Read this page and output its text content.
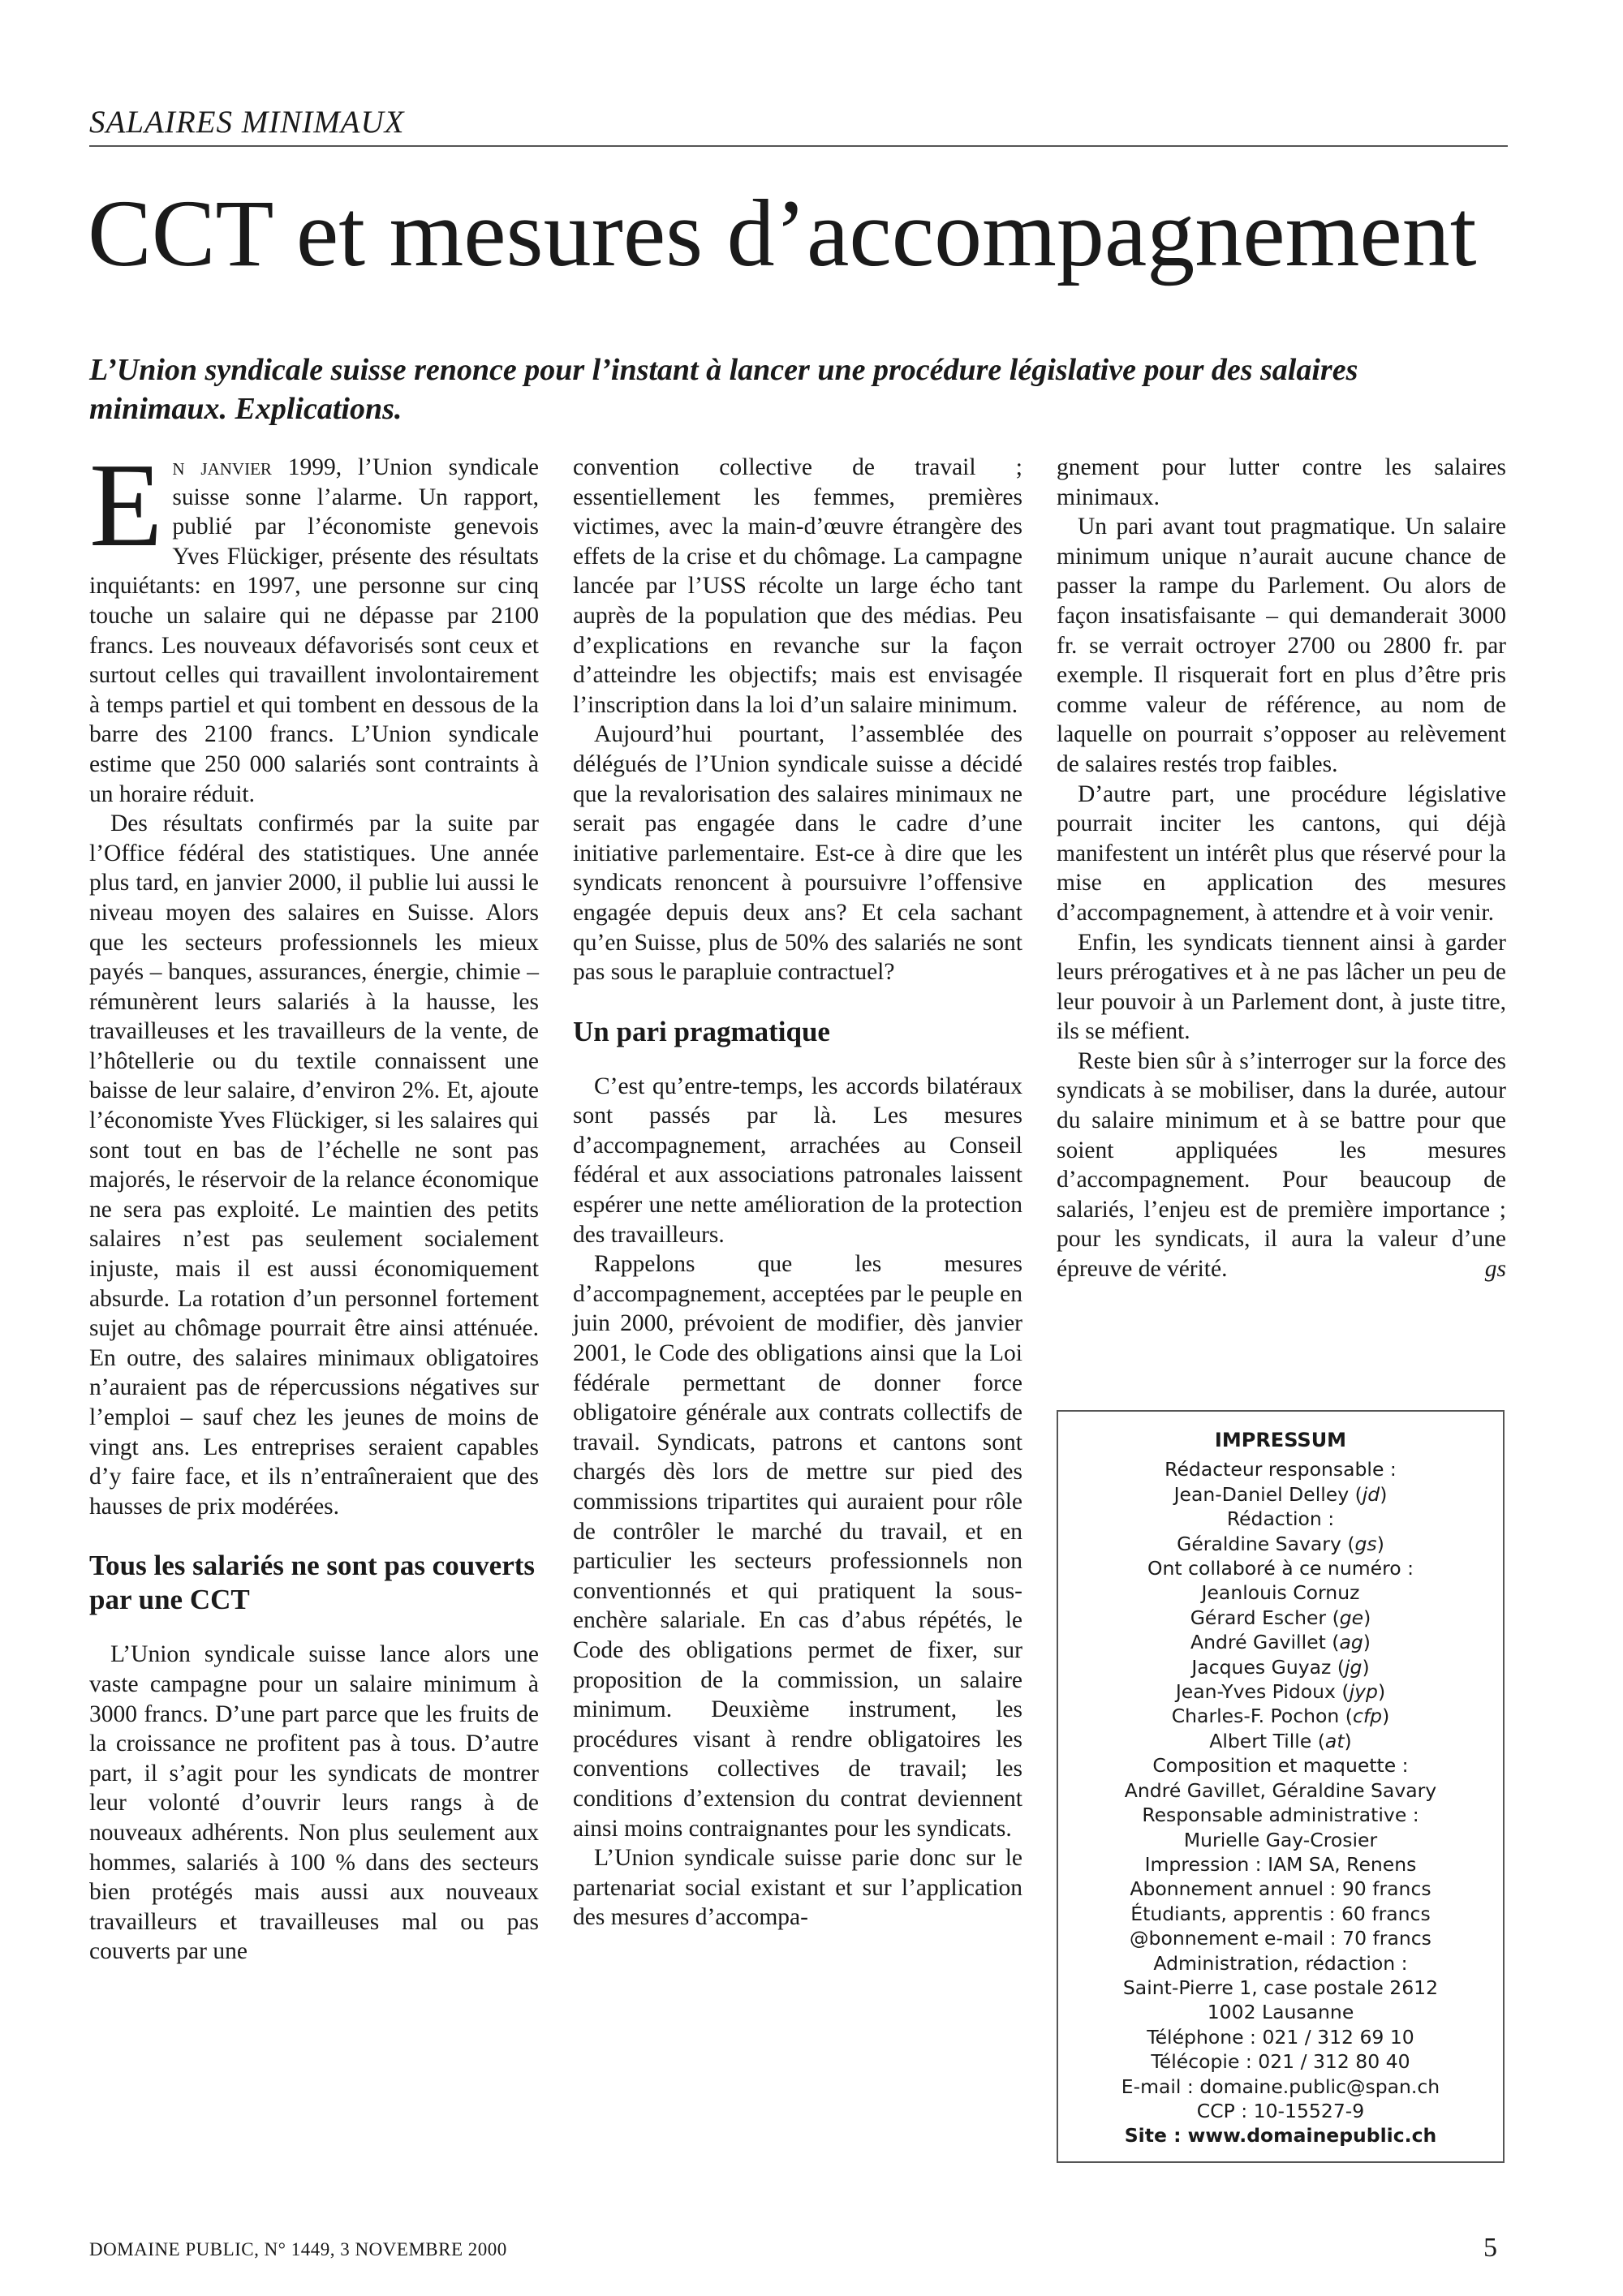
SALAIRES MINIMAUX
CCT et mesures d’accompagnement
L’Union syndicale suisse renonce pour l’instant à lancer une procédure législative pour des salaires minimaux. Explications.

En janvier 1999, l’Union syndicale suisse sonne l’alarme. Un rapport, publié par l’économiste genevois Yves Flückiger, présente des résultats inquiétants: en 1997, une personne sur cinq touche un salaire qui ne dépasse par 2100 francs. Les nouveaux défavorisés sont ceux et surtout celles qui travaillent involontairement à temps partiel et qui tombent en dessous de la barre des 2100 francs. L’Union syndicale estime que 250 000 salariés sont contraints à un horaire réduit.

Des résultats confirmés par la suite par l’Office fédéral des statistiques. Une année plus tard, en janvier 2000, il publie lui aussi le niveau moyen des salaires en Suisse. Alors que les secteurs professionnels les mieux payés – banques, assurances, énergie, chimie – rémunèrent leurs salariés à la hausse, les travailleuses et les travailleurs de la vente, de l’hôtellerie ou du textile connaissent une baisse de leur salaire, d’environ 2%. Et, ajoute l’économiste Yves Flückiger, si les salaires qui sont tout en bas de l’échelle ne sont pas majorés, le réservoir de la relance économique ne sera pas exploité. Le maintien des petits salaires n’est pas seulement socialement injuste, mais il est aussi économiquement absurde. La rotation d’un personnel fortement sujet au chômage pourrait être ainsi atténuée. En outre, des salaires minimaux obligatoires n’auraient pas de répercussions négatives sur l’emploi – sauf chez les jeunes de moins de vingt ans. Les entreprises seraient capables d’y faire face, et ils n’entraîneraient que des hausses de prix modérées.

Tous les salariés ne sont pas couverts par une CCT

L’Union syndicale suisse lance alors une vaste campagne pour un salaire minimum à 3000 francs. D’une part parce que les fruits de la croissance ne profitent pas à tous. D’autre part, il s’agit pour les syndicats de montrer leur volonté d’ouvrir leurs rangs à de nouveaux adhérents. Non plus seulement aux hommes, salariés à 100 % dans des secteurs bien protégés mais aussi aux nouveaux travailleurs et travailleuses mal ou pas couverts par une

convention collective de travail ; essentiellement les femmes, premières victimes, avec la main-d’œuvre étrangère des effets de la crise et du chômage. La campagne lancée par l’USS récolte un large écho tant auprès de la population que des médias. Peu d’explications en revanche sur la façon d’atteindre les objectifs; mais est envisagée l’inscription dans la loi d’un salaire minimum.

Aujourd’hui pourtant, l’assemblée des délégués de l’Union syndicale suisse a décidé que la revalorisation des salaires minimaux ne serait pas engagée dans le cadre d’une initiative parlementaire. Est-ce à dire que les syndicats renoncent à poursuivre l’offensive engagée depuis deux ans? Et cela sachant qu’en Suisse, plus de 50% des salariés ne sont pas sous le parapluie contractuel?

Un pari pragmatique

C’est qu’entre-temps, les accords bilatéraux sont passés par là. Les mesures d’accompagnement, arrachées au Conseil fédéral et aux associations patronales laissent espérer une nette amélioration de la protection des travailleurs.

Rappelons que les mesures d’accompagnement, acceptées par le peuple en juin 2000, prévoient de modifier, dès janvier 2001, le Code des obligations ainsi que la Loi fédérale permettant de donner force obligatoire générale aux contrats collectifs de travail. Syndicats, patrons et cantons sont chargés dès lors de mettre sur pied des commissions tripartites qui auraient pour rôle de contrôler le marché du travail, et en particulier les secteurs professionnels non conventionnés et qui pratiquent la sous-enchère salariale. En cas d’abus répétés, le Code des obligations permet de fixer, sur proposition de la commission, un salaire minimum. Deuxième instrument, les procédures visant à rendre obligatoires les conventions collectives de travail; les conditions d’extension du contrat deviennent ainsi moins contraignantes pour les syndicats.

L’Union syndicale suisse parie donc sur le partenariat social existant et sur l’application des mesures d’accompa-

gnement pour lutter contre les salaires minimaux.

Un pari avant tout pragmatique. Un salaire minimum unique n’aurait aucune chance de passer la rampe du Parlement. Ou alors de façon insatisfaisante – qui demanderait 3000 fr. se verrait octroyer 2700 ou 2800 fr. par exemple. Il risquerait fort en plus d’être pris comme valeur de référence, au nom de laquelle on pourrait s’opposer au relèvement de salaires restés trop faibles.

D’autre part, une procédure législative pourrait inciter les cantons, qui déjà manifestent un intérêt plus que réservé pour la mise en application des mesures d’accompagnement, à attendre et à voir venir.

Enfin, les syndicats tiennent ainsi à garder leurs prérogatives et à ne pas lâcher un peu de leur pouvoir à un Parlement dont, à juste titre, ils se méfient.

Reste bien sûr à s’interroger sur la force des syndicats à se mobiliser, dans la durée, autour du salaire minimum et à se battre pour que soient appliquées les mesures d’accompagnement. Pour beaucoup de salariés, l’enjeu est de première importance ; pour les syndicats, il aura la valeur d’une épreuve de vérité.	gs

IMPRESSUM
Rédacteur responsable :
Jean-Daniel Delley (jd)
Rédaction :
Géraldine Savary (gs)
Ont collaboré à ce numéro :
Jeanlouis Cornuz
Gérard Escher (ge)
André Gavillet (ag)
Jacques Guyaz (jg)
Jean-Yves Pidoux (jyp)
Charles-F. Pochon (cfp)
Albert Tille (at)
Composition et maquette :
André Gavillet, Géraldine Savary
Responsable administrative :
Murielle Gay-Crosier
Impression : IAM SA, Renens
Abonnement annuel : 90 francs
Étudiants, apprentis : 60 francs
@bonnement e-mail : 70 francs
Administration, rédaction :
Saint-Pierre 1, case postale 2612
1002 Lausanne
Téléphone : 021 / 312 69 10
Télécopie : 021 / 312 80 40
E-mail : domaine.public@span.ch
CCP : 10-15527-9
Site : www.domainepublic.ch
DOMAINE PUBLIC, N° 1449, 3 NOVEMBRE 2000	5
